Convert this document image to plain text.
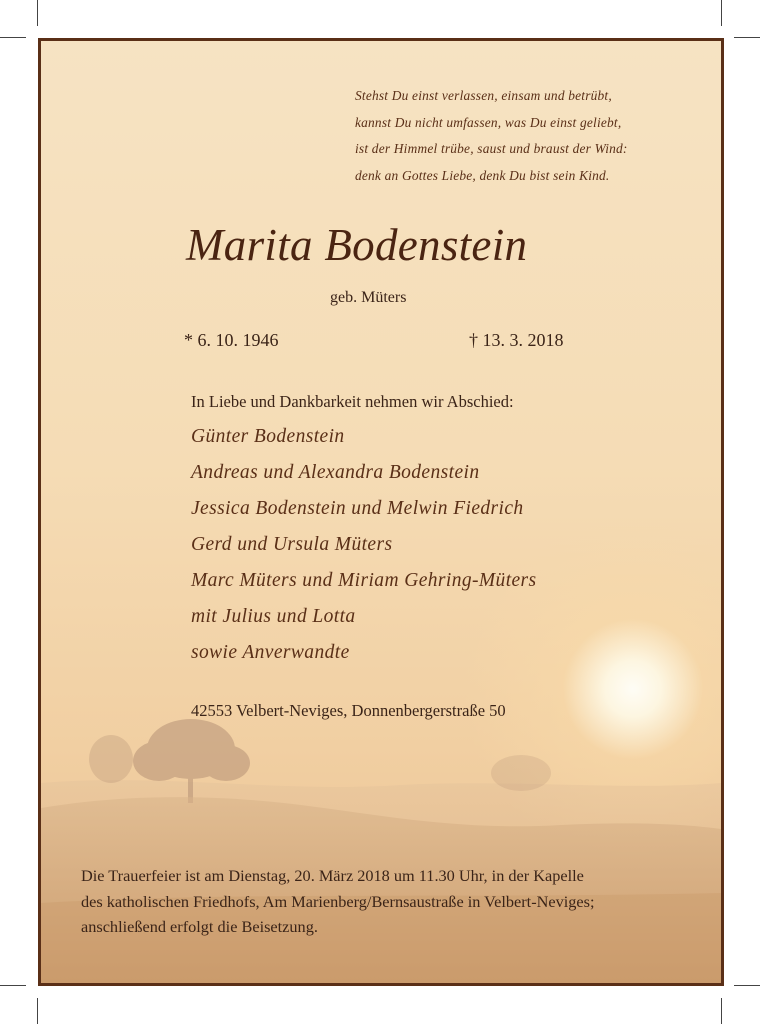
Stehst Du einst verlassen, einsam und betrübt,
kannst Du nicht umfassen, was Du einst geliebt,
ist der Himmel trübe, saust und braust der Wind:
denk an Gottes Liebe, denk Du bist sein Kind.
Marita Bodenstein
geb. Müters
* 6. 10. 1946	† 13. 3. 2018
In Liebe und Dankbarkeit nehmen wir Abschied:
Günter Bodenstein
Andreas und Alexandra Bodenstein
Jessica Bodenstein und Melwin Fiedrich
Gerd und Ursula Müters
Marc Müters und Miriam Gehring-Müters
mit Julius und Lotta
sowie Anverwandte
42553 Velbert-Neviges, Donnenbergerstraße 50
Die Trauerfeier ist am Dienstag, 20. März 2018 um 11.30 Uhr, in der Kapelle
des katholischen Friedhofs, Am Marienberg/Bernsaustraße in Velbert-Neviges;
anschließend erfolgt die Beisetzung.
